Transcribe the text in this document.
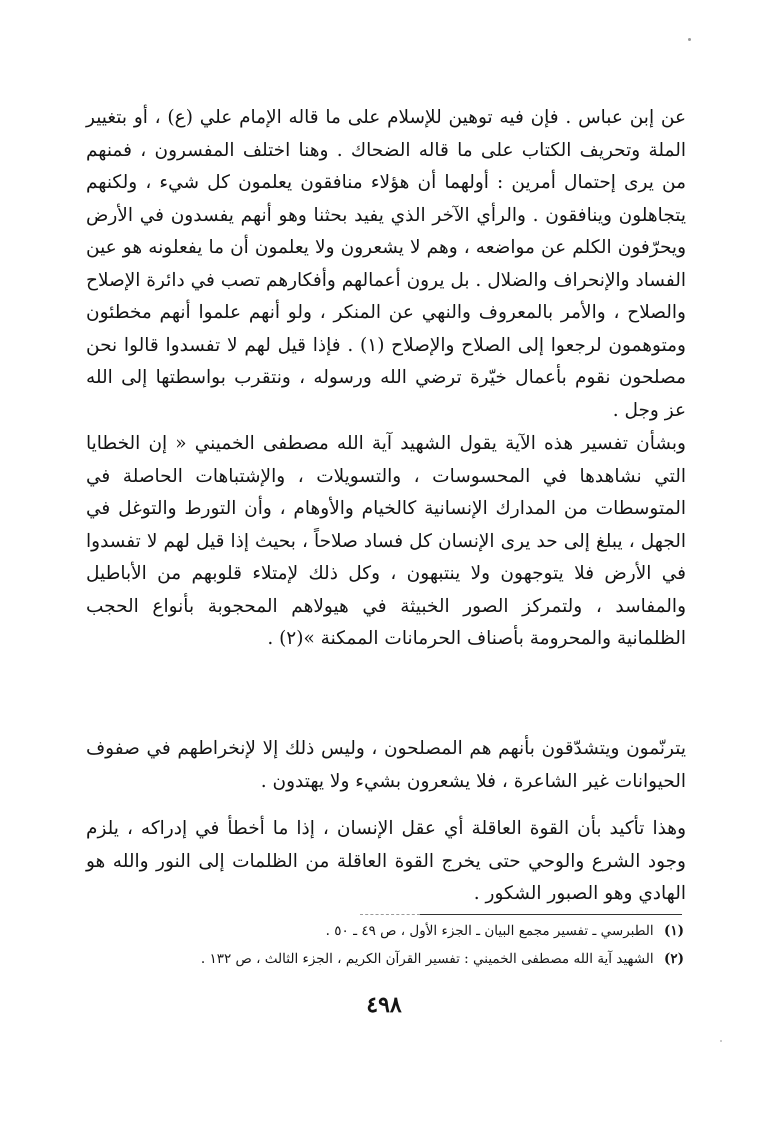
عن إبن عباس . فإن فيه توهين للإسلام على ما قاله الإمام علي (ع) ، أو بتغيير الملة وتحريف الكتاب على ما قاله الضحاك . وهنا اختلف المفسرون ، فمنهم من يرى إحتمال أمرين : أولهما أن هؤلاء منافقون يعلمون كل شيء ، ولكنهم يتجاهلون وينافقون . والرأي الآخر الذي يفيد بحثنا وهو أنهم يفسدون في الأرض ويحرّفون الكلم عن مواضعه ، وهم لا يشعرون ولا يعلمون أن ما يفعلونه هو عين الفساد والإنحراف والضلال . بل يرون أعمالهم وأفكارهم تصب في دائرة الإصلاح والصلاح ، والأمر بالمعروف والنهي عن المنكر ، ولو أنهم علموا أنهم مخطئون ومتوهمون لرجعوا إلى الصلاح والإصلاح (١) . فإذا قيل لهم لا تفسدوا قالوا نحن مصلحون نقوم بأعمال خيّرة ترضي الله ورسوله ، ونتقرب بواسطتها إلى الله عز وجل .

وبشأن تفسير هذه الآية يقول الشهيد آية الله مصطفى الخميني « إن الخطايا التي نشاهدها في المحسوسات ، والتسويلات ، والإشتباهات الحاصلة في المتوسطات من المدارك الإنسانية كالخيام والأوهام ، وأن التورط والتوغل في الجهل ، يبلغ إلى حد يرى الإنسان كل فساد صلاحاً ، بحيث إذا قيل لهم لا تفسدوا في الأرض فلا يتوجهون ولا ينتبهون ، وكل ذلك لإمتلاء قلوبهم من الأباطيل والمفاسد ، ولتمركز الصور الخبيثة في هيولاهم المحجوبة بأنواع الحجب الظلمانية والمحرومة بأصناف الحرمانات الممكنة »(٢) .

يترنّمون ويتشدّقون بأنهم هم المصلحون ، وليس ذلك إلا لإنخراطهم في صفوف الحيوانات غير الشاعرة ، فلا يشعرون بشيء ولا يهتدون .

وهذا تأكيد بأن القوة العاقلة أي عقل الإنسان ، إذا ما أخطأ في إدراكه ، يلزم وجود الشرع والوحي حتى يخرج القوة العاقلة من الظلمات إلى النور والله هو الهادي وهو الصبور الشكور .

(١) الطبرسي ـ تفسير مجمع البيان ـ الجزء الأول ، ص ٤٩ ـ ٥٠ .

(٢) الشهيد آية الله مصطفى الخميني : تفسير القرآن الكريم ، الجزء الثالث ، ص ١٣٢ .

٤٩٨
